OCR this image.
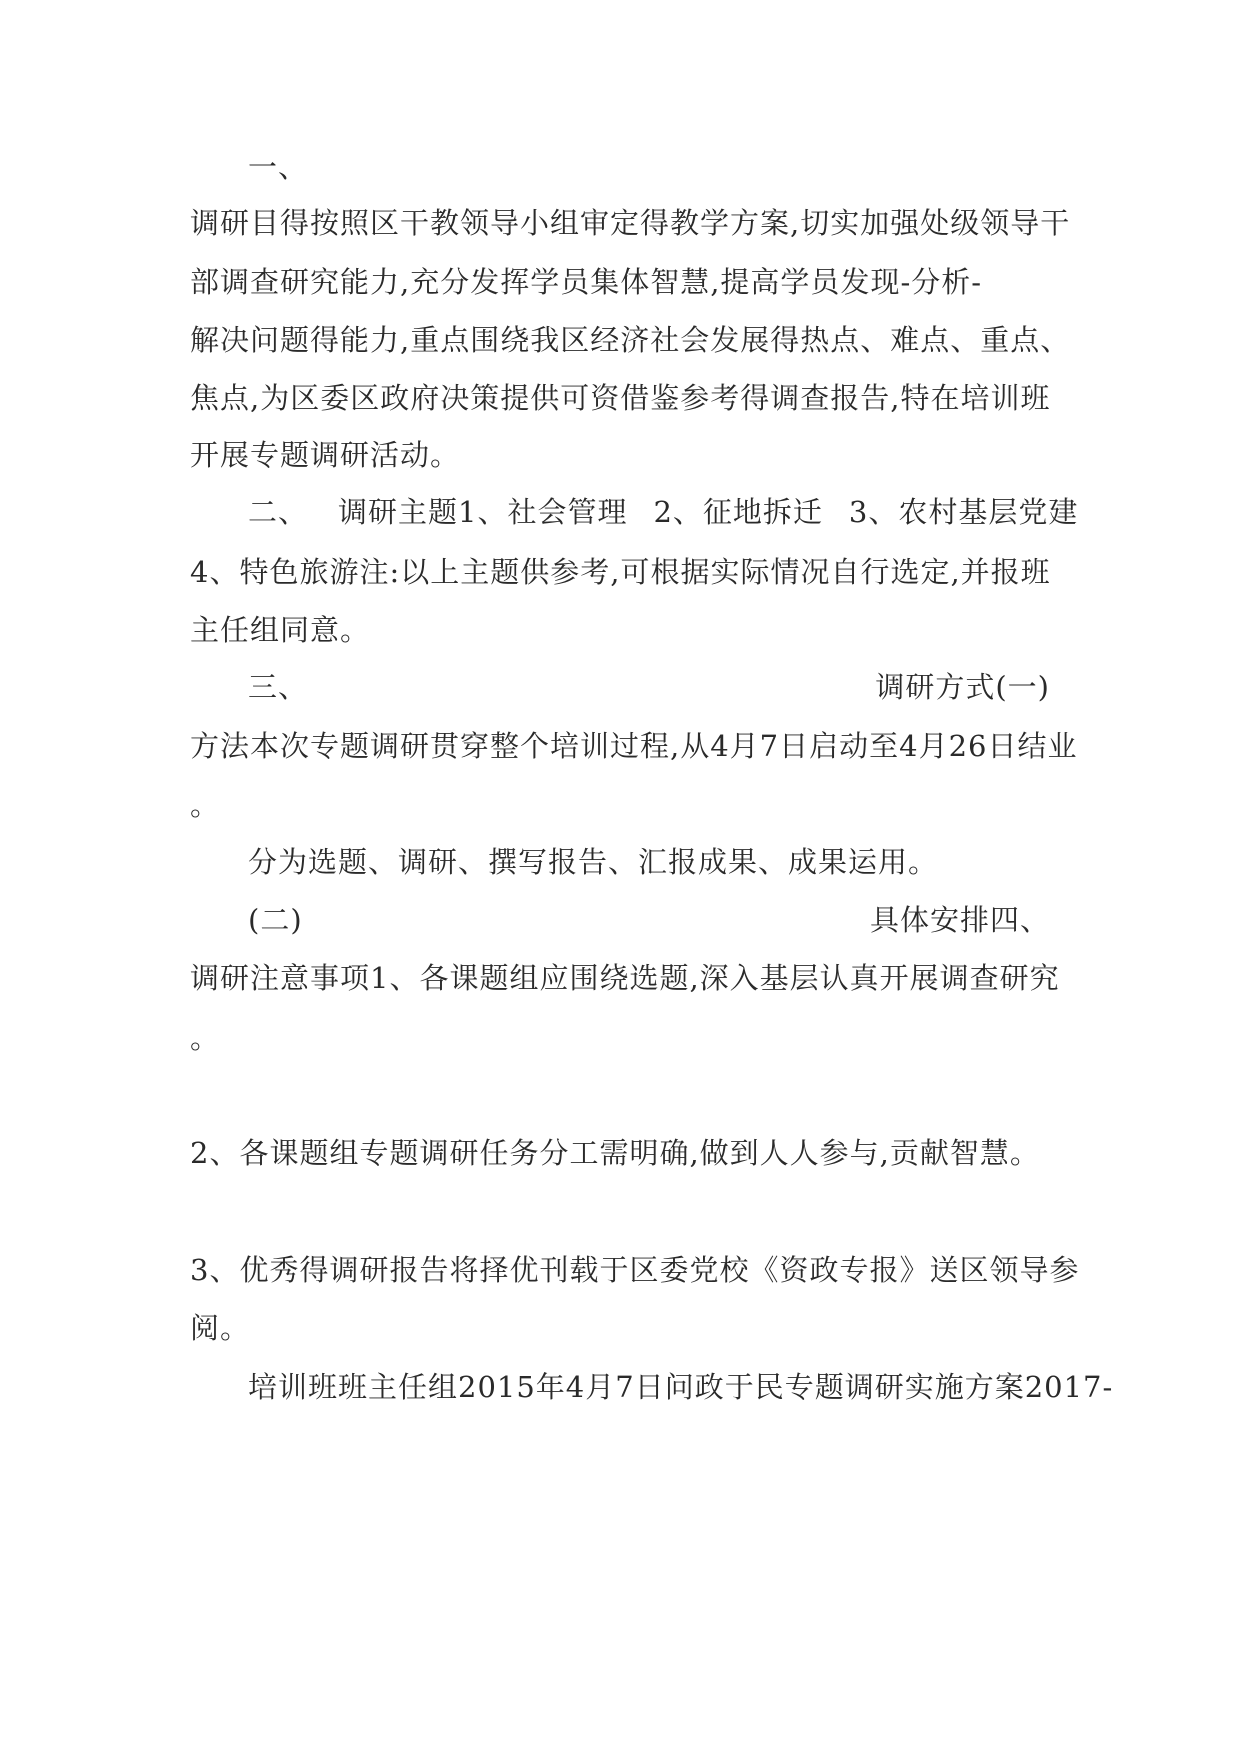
一、
调研目得按照区干教领导小组审定得教学方案,切实加强处级领导干
部调查研究能力,充分发挥学员集体智慧,提高学员发现-分析-
解决问题得能力,重点围绕我区经济社会发展得热点、难点、重点、
焦点,为区委区政府决策提供可资借鉴参考得调查报告,特在培训班
开展专题调研活动。
二、 调研主题1、社会管理 2、征地拆迁 3、农村基层党建
4、特色旅游注:以上主题供参考,可根据实际情况自行选定,并报班
主任组同意。
三、	调研方式(一)
方法本次专题调研贯穿整个培训过程,从4月7日启动至4月26日结业
。
分为选题、调研、撰写报告、汇报成果、成果运用。
(二)	具体安排四、
调研注意事项1、各课题组应围绕选题,深入基层认真开展调查研究
。
2、各课题组专题调研任务分工需明确,做到人人参与,贡献智慧。
3、优秀得调研报告将择优刊载于区委党校《资政专报》送区领导参
阅。
培训班班主任组2015年4月7日问政于民专题调研实施方案2017-
